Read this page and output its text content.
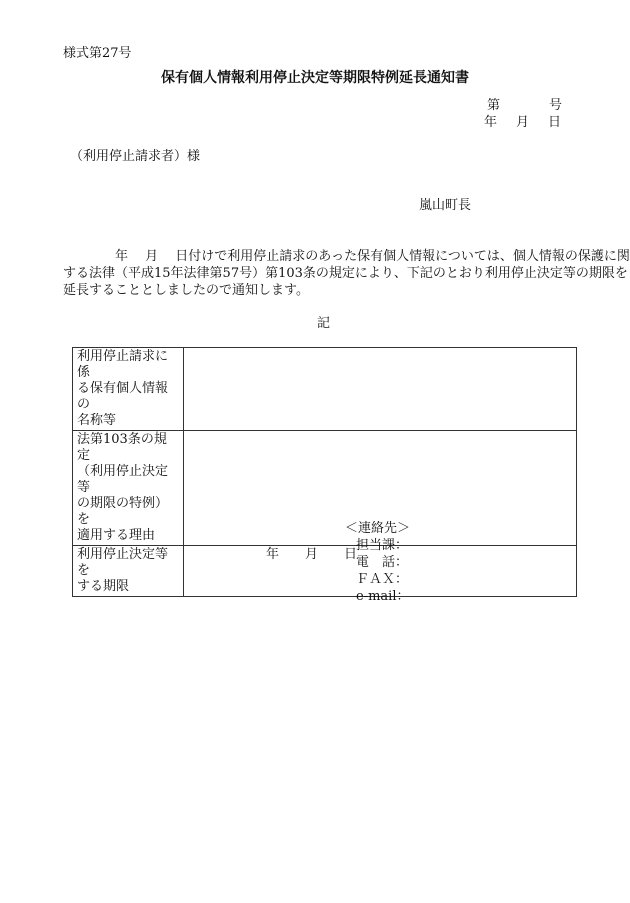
様式第27号
保有個人情報利用停止決定等期限特例延長通知書
第	号
年 月 日
（利用停止請求者）様
嵐山町長
　　　　年　 月　 日付けで利用停止請求のあった保有個人情報については、個人情報の保護に関
する法律（平成15年法律第57号）第103条の規定により、下記のとおり利用停止決定等の期限を
延長することとしましたので通知します。
記
利用停止請求に係
る保有個人情報の
名称等	

法第103条の規定
（利用停止決定等
の期限の特例）を
適用する理由	

利用停止決定等を
する期限	　　　　　　年　　月　　日
＜連絡先＞
担当課：
電　話：
ＦＡＸ：
e-mail：
